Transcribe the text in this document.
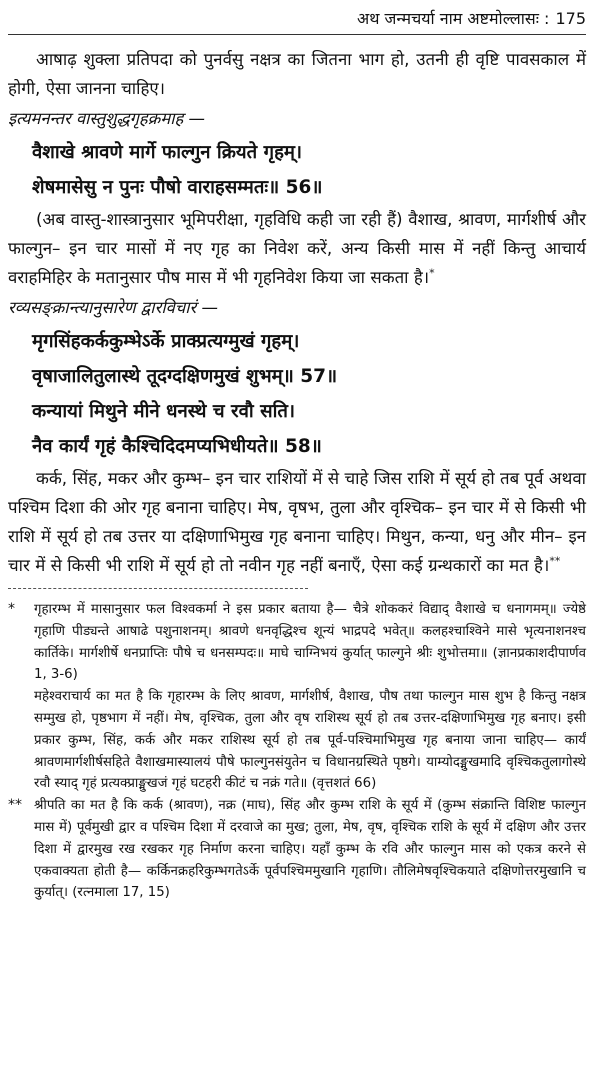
अथ जन्मचर्या नाम अष्टमोल्लासः : 175

आषाढ़ शुक्ला प्रतिपदा को पुनर्वसु नक्षत्र का जितना भाग हो, उतनी ही वृष्टि पावसकाल में होगी, ऐसा जानना चाहिए।

इत्यमनन्तर वास्तुशुद्धगृहक्रमाह —

वैशाखे श्रावणे मार्गे फाल्गुन क्रियते गृहम्।

शेषमासेसु न पुनः पौषो वाराहसम्मतः॥ 56॥

(अब वास्तु-शास्त्रानुसार भूमिपरीक्षा, गृहविधि कही जा रही हैं) वैशाख, श्रावण, मार्गशीर्ष और फाल्गुन– इन चार मासों में नए गृह का निवेश करें, अन्य किसी मास में नहीं किन्तु आचार्य वराहमिहिर के मतानुसार पौष मास में भी गृहनिवेश किया जा सकता है।*

रव्यसङ्क्रान्त्यानुसारेण द्वारविचारं —

मृगसिंहकर्ककुम्भेऽर्के प्राक्प्रत्यग्मुखं गृहम्।

वृषाजालितुलास्थे तूदग्दक्षिणमुखं शुभम्॥ 57॥

कन्यायां मिथुने मीने धनस्थे च रवौ सति।

नैव कार्यं गृहं कैश्चिदिदमप्यभिधीयते॥ 58॥

कर्क, सिंह, मकर और कुम्भ– इन चार राशियों में से चाहे जिस राशि में सूर्य हो तब पूर्व अथवा पश्चिम दिशा की ओर गृह बनाना चाहिए। मेष, वृषभ, तुला और वृश्चिक– इन चार में से किसी भी राशि में सूर्य हो तब उत्तर या दक्षिणाभिमुख गृह बनाना चाहिए। मिथुन, कन्या, धनु और मीन– इन चार में से किसी भी राशि में सूर्य हो तो नवीन गृह नहीं बनाएँ, ऐसा कई ग्रन्थकारों का मत है।**

*	गृहारम्भ में मासानुसार फल विश्वकर्मा ने इस प्रकार बताया है— चैत्रे शोककरं विद्याद् वैशाखे च धनागमम्॥ ज्येष्ठे गृहाणि पीड्यन्ते आषाढे पशुनाशनम्। श्रावणे धनवृद्धिश्च शून्यं भाद्रपदे भवेत्॥ कलहश्चाश्विने मासे भृत्यनाशनश्च कार्तिके। मार्गशीर्षे धनप्राप्तिः पौषे च धनसम्पदः॥ माघे चाग्निभयं कुर्यात् फाल्गुने श्रीः शुभोत्तमा॥ (ज्ञानप्रकाशदीपार्णव 1, 3-6)

महेश्वराचार्य का मत है कि गृहारम्भ के लिए श्रावण, मार्गशीर्ष, वैशाख, पौष तथा फाल्गुन मास शुभ है किन्तु नक्षत्र सम्मुख हो, पृष्ठभाग में नहीं। मेष, वृश्चिक, तुला और वृष राशिस्थ सूर्य हो तब उत्तर-दक्षिणाभिमुख गृह बनाए। इसी प्रकार कुम्भ, सिंह, कर्क और मकर राशिस्थ सूर्य हो तब पूर्व-पश्चिमाभिमुख गृह बनाया जाना चाहिए— कार्यं श्रावणमार्गशीर्षसहिते वैशाखमास्यालयं पौषे फाल्गुनसंयुतेन च विधानग्रस्थिते पृष्ठगे। याम्योदङ्मुखमादि वृश्चिकतुलागोस्थे रवौ स्याद् गृहं प्रत्यक्प्राङ्मुखजं गृहं घटहरी कीटं च नक्रं गते॥ (वृत्तशतं 66)

** श्रीपति का मत है कि कर्क (श्रावण), नक्र (माघ), सिंह और कुम्भ राशि के सूर्य में (कुम्भ संक्रान्ति विशिष्ट फाल्गुन मास में) पूर्वमुखी द्वार व पश्चिम दिशा में दरवाजे का मुख; तुला, मेष, वृष, वृश्चिक राशि के सूर्य में दक्षिण और उत्तर दिशा में द्वारमुख रख रखकर गृह निर्माण करना चाहिए। यहाँ कुम्भ के रवि और फाल्गुन मास को एकत्र करने से एकवाक्यता होती है— कर्किनक्रहरिकुम्भगतेऽर्के पूर्वपश्चिममुखानि गृहाणि। तौलिमेषवृश्चिकयाते दक्षिणोत्तरमुखानि च कुर्यात्। (रत्नमाला 17, 15)
